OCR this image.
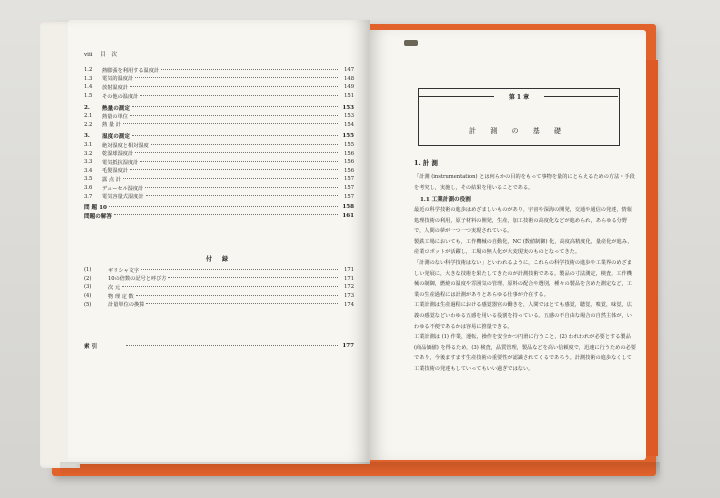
viii 目 次
1.2	熱膨張を利用する温度計	147
1.3	電気的温度計	148
1.4	放射温度計	149
1.5	その他の温度計	151
2.	熱量の測定	153
2.1	熱量の単位	153
2.2	熱 量 計	154
3.	湿度の測定	155
3.1	絶対湿度と相対湿度	155
3.2	乾湿球湿度計	156
3.3	電気抵抗湿度計	156
3.4	毛髪湿度計	156
3.5	露 点 計	157
3.6	デューセル湿度計	157
3.7	電気容量式湿度計	157
問 題 10	158
問題の解答	161
付 録
(1)	ギリシャ文字	171
(2)	10の倍数の記号と呼び方	171
(3)	次 元	172
(4)	物 理 定 数	173
(5)	計量単位の換算	174
索 引	177
第 1 章
計 測 の 基 礎
1. 計 測

「計測 (instrumentation) とは何らかの目的をもって事物を量的にとらえるための方法・手段を考究し，実施し，その結果を用いることである。

1.1 工業計測の役割

最近の科学技術の進歩はめざましいものがあり，宇宙や深海の開発，交通や通信の発達，情報処理技術の利用，原子材料の開発，生産，加工技術の高度化などが進められ，あらゆる分野で，人間の夢が一つ一つ実現されている。

製鉄工場においても，工作機械の自動化，NC (数値制御) 化，高度高精度化，量産化が進み，産業ロボットが活躍し，工場の無人化が大変現実のものとなってきた。

「計測のない科学技術はない」といわれるように，これらの科学技術の進歩や工業界のめざましい発展に，大きな技術を果たしてきたのが計測技術である。製品の寸法測定，検査，工作機械の制御，燃焼の温度や雰囲気の管理，原料の配合や選別，種々の製品を含めた測定など，工業の生産過程には計測がありとあらゆる仕事が介在する。

工業計測は生産過程における感覚器官の働きを，人間ではとても感覚，聴覚，嗅覚，味覚，広義の感覚などいわゆる五感を用いる役割を持っている。五感の不自由な場合の自然主体が，いわゆる不便であるかは容易に推量できる。

工業計測は (1) 作業，運転，操作を安全かつ円滑に行うこと，(2) われわれが必要とする製品 (商品価値) を得るため，(3) 検査，品質管理，製品などを高い信頼度で，迅速に行うための必要であり，今後ますます生産技術の重要性が認識されてくるであろう。計測技術の進歩なくして工業技術の発達もしていってもいい過ぎではない。
